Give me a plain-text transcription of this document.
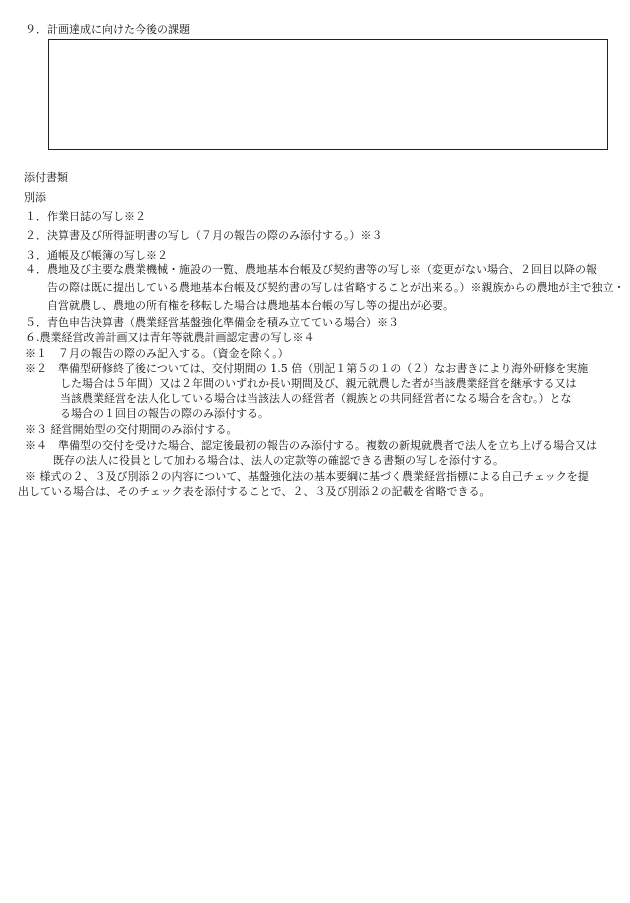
９．計画達成に向けた今後の課題
添付書類
別添
１．作業日誌の写し※２
２．決算書及び所得証明書の写し（７月の報告の際のみ添付する。）※３
３．通帳及び帳簿の写し※２
４．農地及び主要な農業機械・施設の一覧、農地基本台帳及び契約書等の写し※（変更がない場合、２回目以降の報
告の際は既に提出している農地基本台帳及び契約書の写しは省略することが出来る。）※親族からの農地が主で独立・
自営就農し、農地の所有権を移転した場合は農地基本台帳の写し等の提出が必要。
５．青色申告決算書（農業経営基盤強化準備金を積み立てている場合）※３
６.農業経営改善計画又は青年等就農計画認定書の写し※４
※１　７月の報告の際のみ記入する。（資金を除く。）
※２　準備型研修終了後については、交付期間の 1.5 倍（別記１第５の１の（２）なお書きにより海外研修を実施
した場合は５年間）又は２年間のいずれか長い期間及び、親元就農した者が当該農業経営を継承する又は
当該農業経営を法人化している場合は当該法人の経営者（親族との共同経営者になる場合を含む。）とな
る場合の１回目の報告の際のみ添付する。
※３ 経営開始型の交付期間のみ添付する。
※４　準備型の交付を受けた場合、認定後最初の報告のみ添付する。複数の新規就農者で法人を立ち上げる場合又は
既存の法人に役員として加わる場合は、法人の定款等の確認できる書類の写しを添付する。
※ 様式の２、３及び別添２の内容について、基盤強化法の基本要綱に基づく農業経営指標による自己チェックを提
出している場合は、そのチェック表を添付することで、２、３及び別添２の記載を省略できる。
